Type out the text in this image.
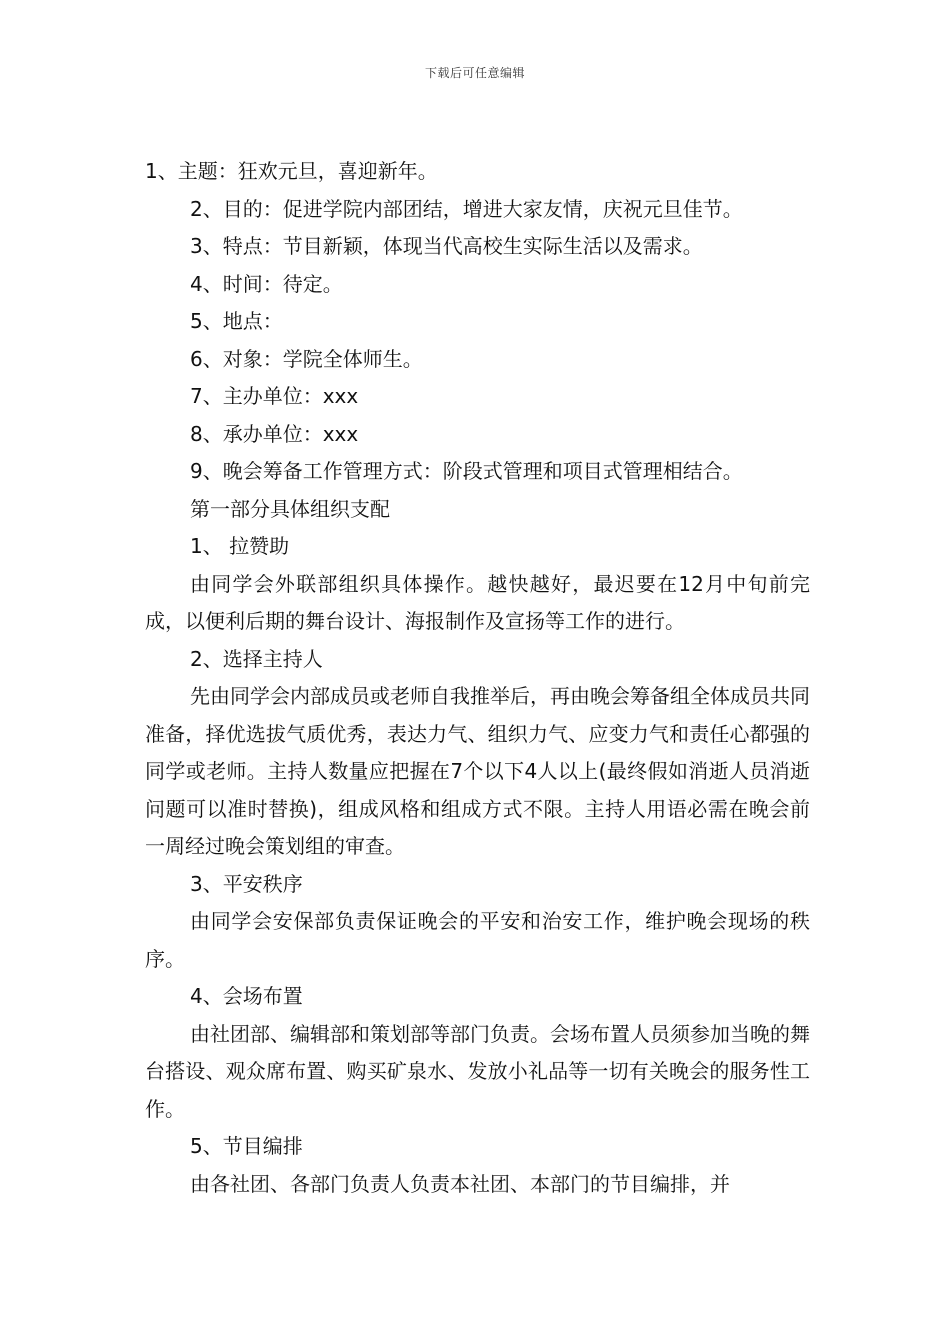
下载后可任意编辑
1、主题：狂欢元旦，喜迎新年。
2、目的：促进学院内部团结，增进大家友情，庆祝元旦佳节。
3、特点：节目新颖，体现当代高校生实际生活以及需求。
4、时间：待定。
5、地点：
6、对象：学院全体师生。
7、主办单位：xxx
8、承办单位：xxx
9、晚会筹备工作管理方式：阶段式管理和项目式管理相结合。
第一部分具体组织支配
1、 拉赞助
由同学会外联部组织具体操作。越快越好，最迟要在12月中旬前完成，以便利后期的舞台设计、海报制作及宣扬等工作的进行。
2、选择主持人
先由同学会内部成员或老师自我推举后，再由晚会筹备组全体成员共同准备，择优选拔气质优秀，表达力气、组织力气、应变力气和责任心都强的同学或老师。主持人数量应把握在7个以下4人以上(最终假如消逝人员消逝问题可以准时替换)，组成风格和组成方式不限。主持人用语必需在晚会前一周经过晚会策划组的审查。
3、平安秩序
由同学会安保部负责保证晚会的平安和治安工作，维护晚会现场的秩序。
4、会场布置
由社团部、编辑部和策划部等部门负责。会场布置人员须参加当晚的舞台搭设、观众席布置、购买矿泉水、发放小礼品等一切有关晚会的服务性工作。
5、节目编排
由各社团、各部门负责人负责本社团、本部门的节目编排，并
